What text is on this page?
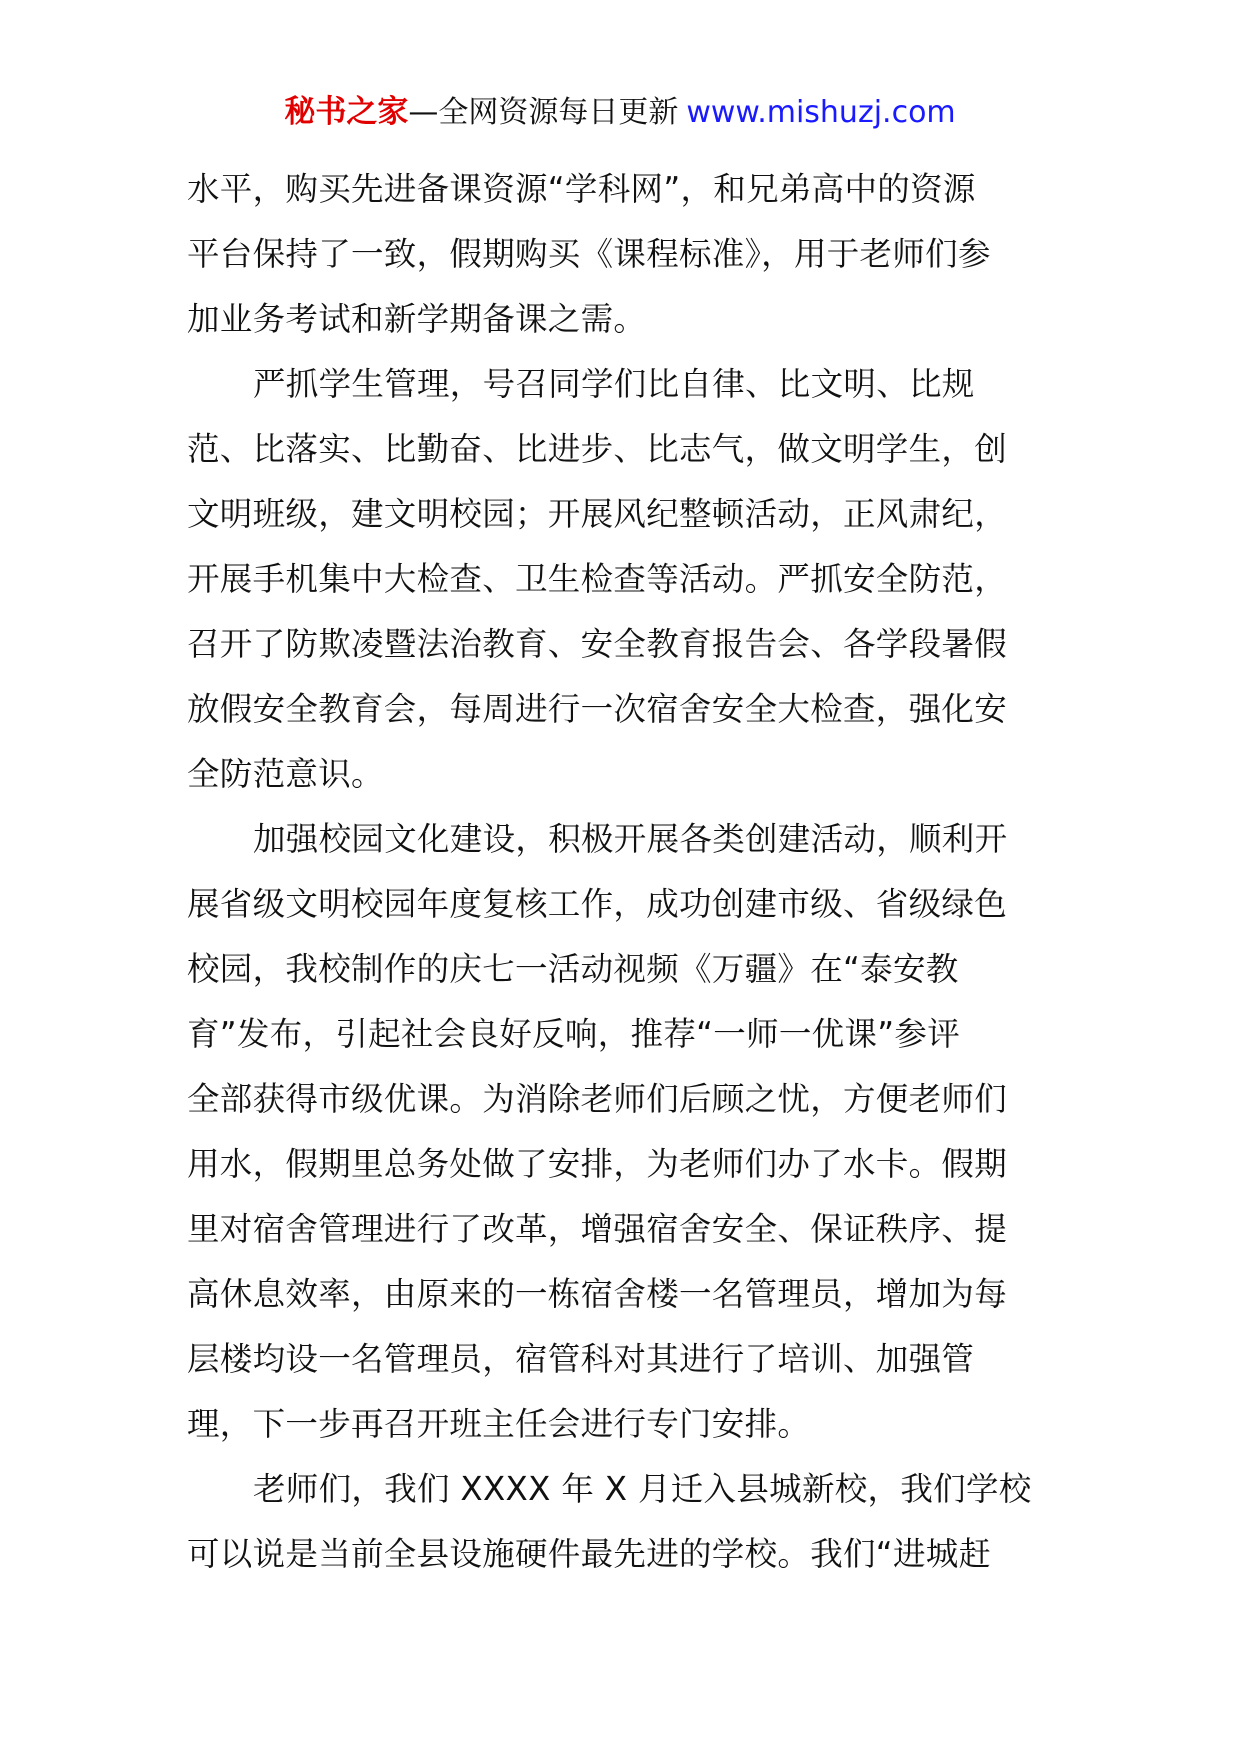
秘书之家—全网资源每日更新 www.mishuzj.com
水平，购买先进备课资源“学科网”，和兄弟高中的资源
平台保持了一致，假期购买《课程标准》，用于老师们参
加业务考试和新学期备课之需。
严抓学生管理，号召同学们比自律、比文明、比规
范、比落实、比勤奋、比进步、比志气，做文明学生，创
文明班级，建文明校园；开展风纪整顿活动，正风肃纪，
开展手机集中大检查、卫生检查等活动。严抓安全防范，
召开了防欺凌暨法治教育、安全教育报告会、各学段暑假
放假安全教育会，每周进行一次宿舍安全大检查，强化安
全防范意识。
加强校园文化建设，积极开展各类创建活动，顺利开
展省级文明校园年度复核工作，成功创建市级、省级绿色
校园，我校制作的庆七一活动视频《万疆》在“泰安教
育”发布，引起社会良好反响，推荐“一师一优课”参评
全部获得市级优课。为消除老师们后顾之忧，方便老师们
用水，假期里总务处做了安排，为老师们办了水卡。假期
里对宿舍管理进行了改革，增强宿舍安全、保证秩序、提
高休息效率，由原来的一栋宿舍楼一名管理员，增加为每
层楼均设一名管理员，宿管科对其进行了培训、加强管
理，下一步再召开班主任会进行专门安排。
老师们，我们 XXXX 年 X 月迁入县城新校，我们学校
可以说是当前全县设施硬件最先进的学校。我们“进城赶
